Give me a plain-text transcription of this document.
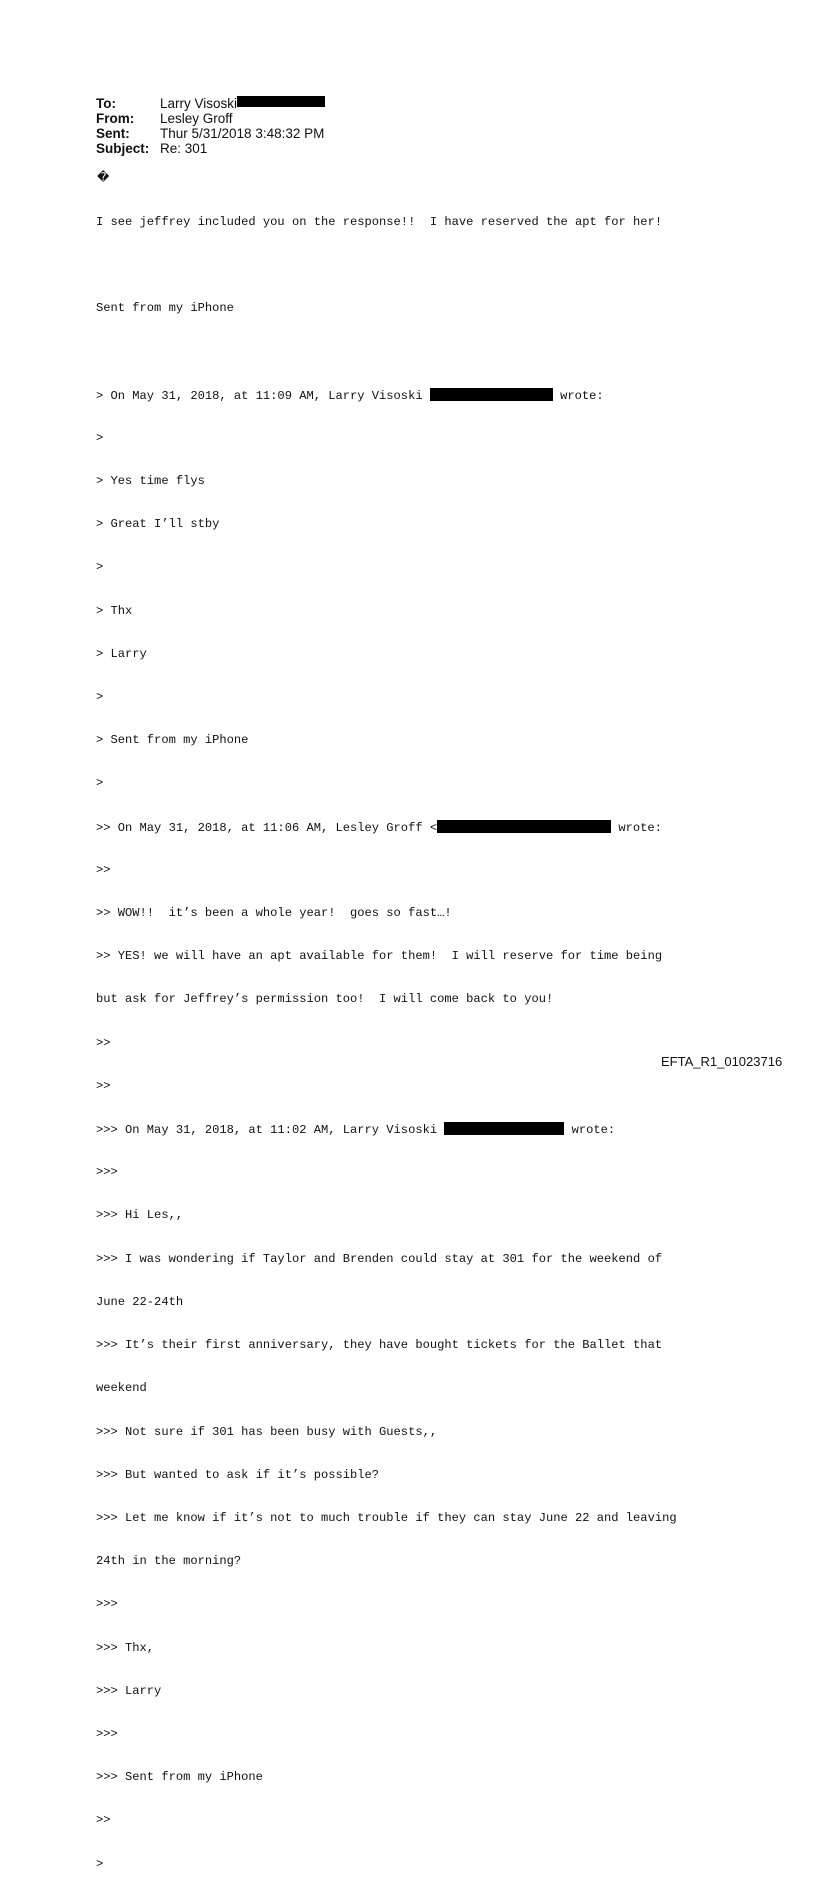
To:	Larry Visoski
From:	Lesley Groff
Sent:	Thur 5/31/2018 3:48:32 PM
Subject: Re: 301
�

I see jeffrey included you on the response!!  I have reserved the apt for her!

Sent from my iPhone

> On May 31, 2018, at 11:09 AM, Larry Visoski	wrote:

>

> Yes time flys

> Great I’ll stby

>

> Thx

> Larry

>

> Sent from my iPhone

>

>> On May 31, 2018, at 11:06 AM, Lesley Groff <	wrote:

>>

>> WOW!!  it’s been a whole year!  goes so fast…!

>> YES! we will have an apt available for them!  I will reserve for time being

but ask for Jeffrey’s permission too!  I will come back to you!

>>

>>

>>> On May 31, 2018, at 11:02 AM, Larry Visoski	wrote:

>>>

>>> Hi Les,,

>>> I was wondering if Taylor and Brenden could stay at 301 for the weekend of

June 22-24th

>>> It’s their first anniversary, they have bought tickets for the Ballet that

weekend

>>> Not sure if 301 has been busy with Guests,,

>>> But wanted to ask if it’s possible?

>>> Let me know if it’s not to much trouble if they can stay June 22 and leaving

24th in the morning?

>>>

>>> Thx,

>>> Larry

>>>

>>> Sent from my iPhone

>>

>

EFTA_R1_01023716
